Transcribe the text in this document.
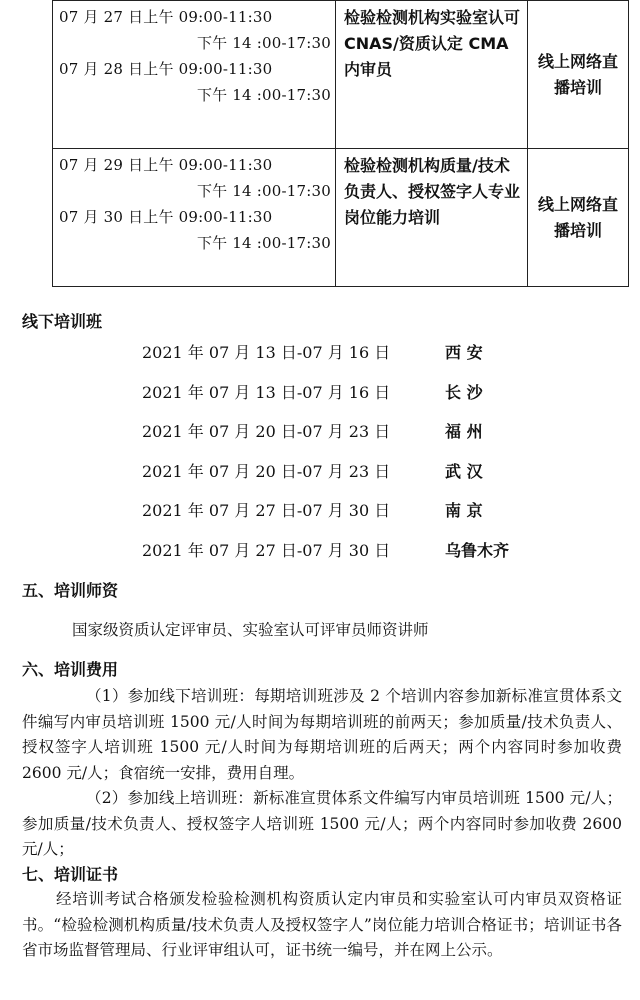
07 月 27 日上午 09:00-11:30
下午 14 :00-17:30
07 月 28 日上午 09:00-11:30
下午 14 :00-17:30	检验检测机构实验室认可 CNAS/资质认定 CMA 内审员	线上网络直播培训

07 月 29 日上午 09:00-11:30
下午 14 :00-17:30
07 月 30 日上午 09:00-11:30
下午 14 :00-17:30	检验检测机构质量/技术负责人、授权签字人专业岗位能力培训	线上网络直播培训
线下培训班
2021 年 07 月 13 日-07 月 16 日	西 安
2021 年 07 月 13 日-07 月 16 日	长 沙
2021 年 07 月 20 日-07 月 23 日	福 州
2021 年 07 月 20 日-07 月 23 日	武 汉
2021 年 07 月 27 日-07 月 30 日	南 京
2021 年 07 月 27 日-07 月 30 日	乌鲁木齐
五、培训师资
国家级资质认定评审员、实验室认可评审员师资讲师
六、培训费用
（1）参加线下培训班：每期培训班涉及 2 个培训内容参加新标准宣贯体系文件编写内审员培训班 1500 元/人时间为每期培训班的前两天；参加质量/技术负责人、授权签字人培训班 1500 元/人时间为每期培训班的后两天；两个内容同时参加收费 2600 元/人；食宿统一安排，费用自理。
（2）参加线上培训班：新标准宣贯体系文件编写内审员培训班 1500 元/人；参加质量/技术负责人、授权签字人培训班 1500 元/人；两个内容同时参加收费 2600 元/人；
七、培训证书
经培训考试合格颁发检验检测机构资质认定内审员和实验室认可内审员双资格证书。“检验检测机构质量/技术负责人及授权签字人”岗位能力培训合格证书；培训证书各省市场监督管理局、行业评审组认可，证书统一编号，并在网上公示。
